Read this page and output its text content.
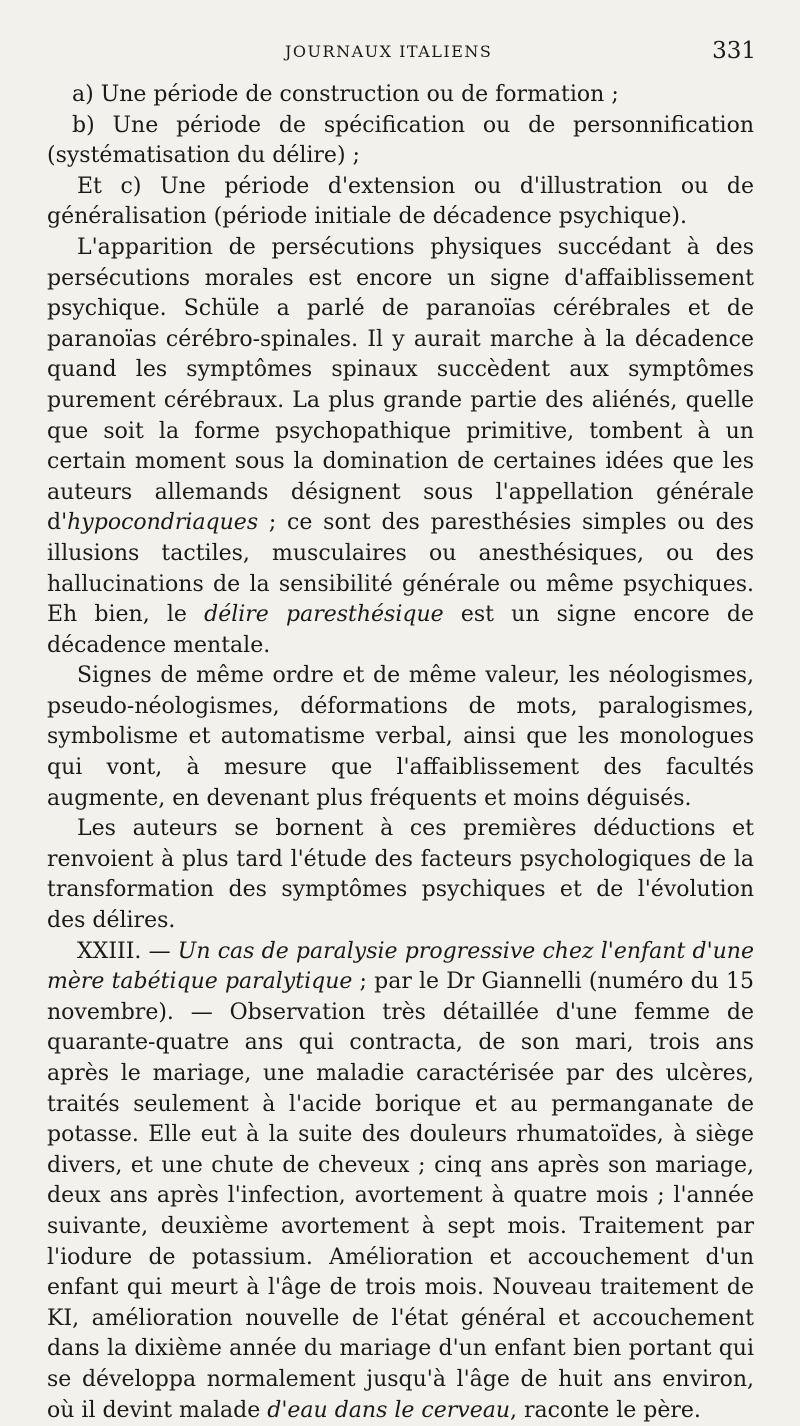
JOURNAUX ITALIENS	331

a) Une période de construction ou de formation ;

b) Une période de spécification ou de personnification (systématisation du délire) ;

Et c) Une période d'extension ou d'illustration ou de généralisation (période initiale de décadence psychique).

L'apparition de persécutions physiques succédant à des persécutions morales est encore un signe d'affaiblissement psychique. Schüle a parlé de paranoïas cérébrales et de paranoïas cérébro-spinales. Il y aurait marche à la décadence quand les symptômes spinaux succèdent aux symptômes purement cérébraux. La plus grande partie des aliénés, quelle que soit la forme psychopathique primitive, tombent à un certain moment sous la domination de certaines idées que les auteurs allemands désignent sous l'appellation générale d'hypocondriaques ; ce sont des paresthésies simples ou des illusions tactiles, musculaires ou anesthésiques, ou des hallucinations de la sensibilité générale ou même psychiques. Eh bien, le délire paresthésique est un signe encore de décadence mentale.

Signes de même ordre et de même valeur, les néologismes, pseudo-néologismes, déformations de mots, paralogismes, symbolisme et automatisme verbal, ainsi que les monologues qui vont, à mesure que l'affaiblissement des facultés augmente, en devenant plus fréquents et moins déguisés.

Les auteurs se bornent à ces premières déductions et renvoient à plus tard l'étude des facteurs psychologiques de la transformation des symptômes psychiques et de l'évolution des délires.

XXIII. — Un cas de paralysie progressive chez l'enfant d'une mère tabétique paralytique ; par le Dr Giannelli (numéro du 15 novembre). — Observation très détaillée d'une femme de quarante-quatre ans qui contracta, de son mari, trois ans après le mariage, une maladie caractérisée par des ulcères, traités seulement à l'acide borique et au permanganate de potasse. Elle eut à la suite des douleurs rhumatoïdes, à siège divers, et une chute de cheveux ; cinq ans après son mariage, deux ans après l'infection, avortement à quatre mois ; l'année suivante, deuxième avortement à sept mois. Traitement par l'iodure de potassium. Amélioration et accouchement d'un enfant qui meurt à l'âge de trois mois. Nouveau traitement de KI, amélioration nouvelle de l'état général et accouchement dans la dixième année du mariage d'un enfant bien portant qui se développa normalement jusqu'à l'âge de huit ans environ, où il devint malade d'eau dans le cerveau, raconte le père.
